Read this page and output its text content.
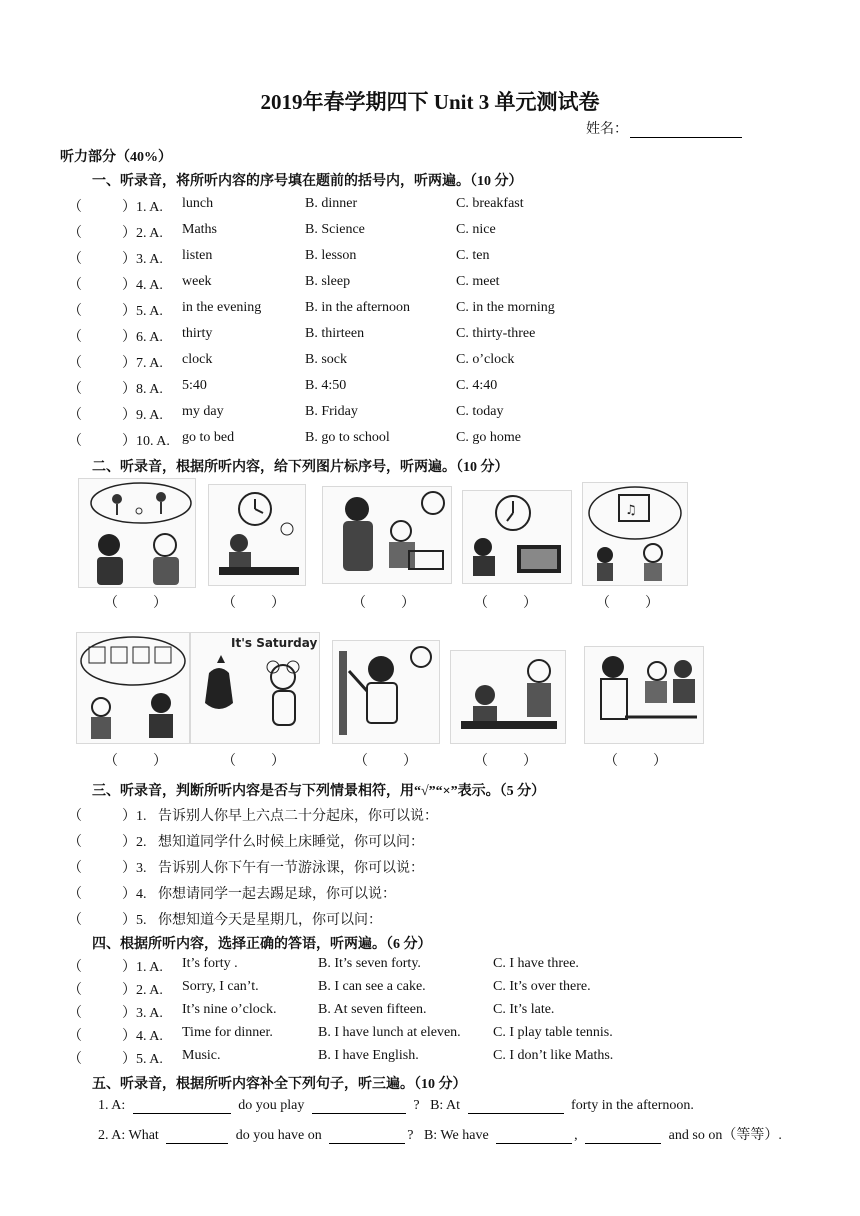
2019年春学期四下 Unit 3 单元测试卷
姓名：
听力部分（40%）
一、听录音，将所听内容的序号填在题前的括号内，听两遍。（10 分）
（	）1. A. lunch	B. dinner	C. breakfast
（	）2. A. Maths	B. Science	C. nice
（	）3. A. listen	B. lesson	C. ten
（	）4. A. week	B. sleep	C. meet
（	）5. A. in the evening	B. in the afternoon	C. in the morning
（	）6. A. thirty	B. thirteen	C. thirty-three
（	）7. A. clock	B. sock	C. o’clock
（	）8. A. 5:40	B. 4:50	C. 4:40
（	）9. A. my day	B. Friday	C. today
（	）10. A. go to bed	B. go to school	C. go home
二、听录音，根据所听内容，给下列图片标序号，听两遍。（10 分）
♫
（   ）	（   ）	（   ）	（   ）	（   ）
It's Saturday
（   ）	（   ）	（   ）	（   ）	（   ）
三、听录音，判断所听内容是否与下列情景相符，用“√”“×”表示。（5 分）
（	）1. 告诉别人你早上六点二十分起床，你可以说：
（	）2. 想知道同学什么时候上床睡觉，你可以问：
（	）3. 告诉别人你下午有一节游泳课，你可以说：
（	）4. 你想请同学一起去踢足球，你可以说：
（	）5. 你想知道今天是星期几，你可以问：
四、根据所听内容，选择正确的答语，听两遍。（6 分）
（	）1. A. It’s forty .	B. It’s seven forty.	C. I have three.
（	）2. A. Sorry, I can’t.	B. I can see a cake.	C. It’s over there.
（	）3. A. It’s nine o’clock.	B. At seven fifteen.	C. It’s late.
（	）4. A. Time for dinner.	B. I have lunch at eleven. C. I play table tennis.
（	）5. A. Music.	B. I have English.	C. I don’t like Maths.
五、听录音，根据所听内容补全下列句子，听三遍。（10 分）
1. A:	do you play	? B: At	forty in the afternoon.
2. A: What	do you have on	? B: We have	,	and so on（等等）.
